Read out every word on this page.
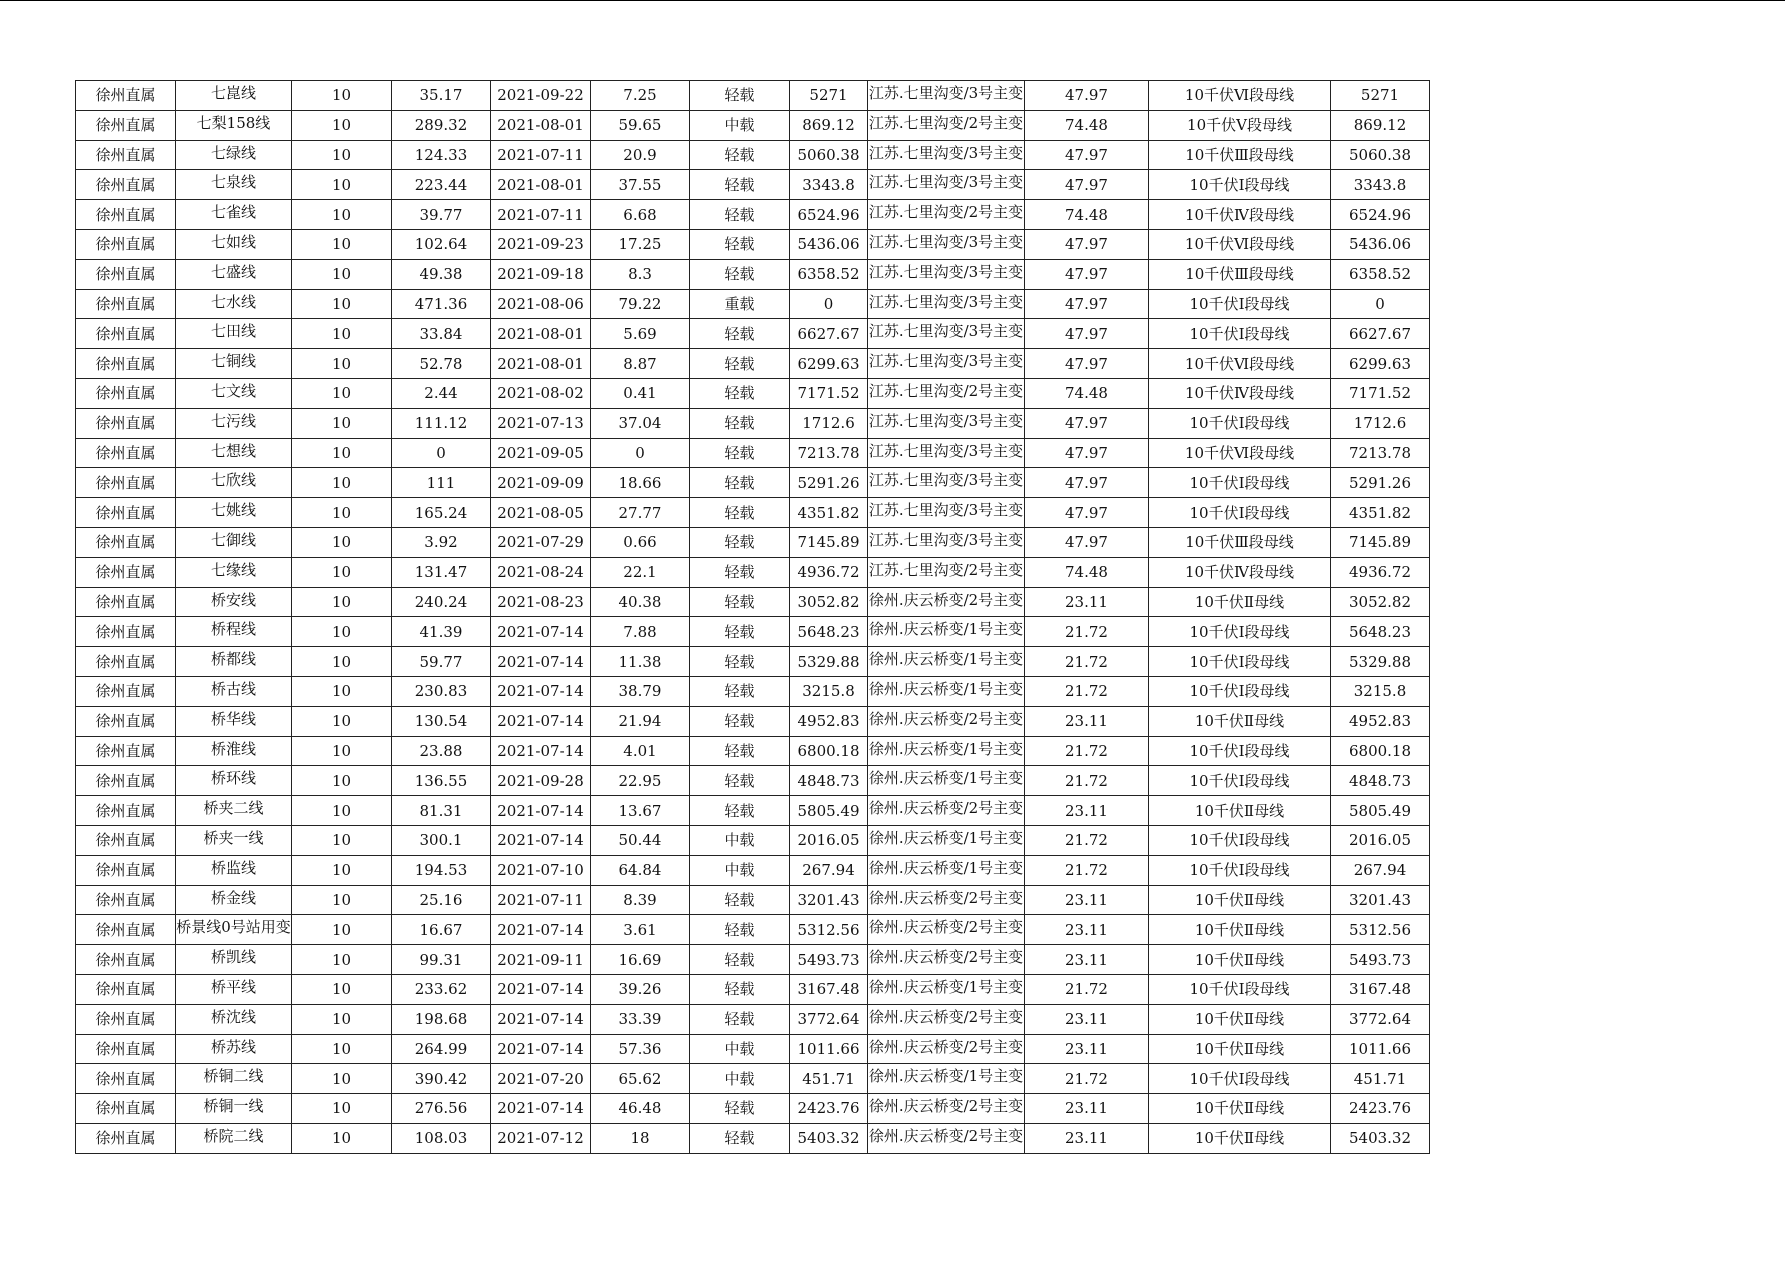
徐州直属	七崑线	10	35.17	2021-09-22	7.25	轻载	5271	江苏.七里沟变/3号主变	47.97	10千伏Ⅵ段母线	5271
徐州直属	七梨158线	10	289.32	2021-08-01	59.65	中载	869.12	江苏.七里沟变/2号主变	74.48	10千伏Ⅴ段母线	869.12
徐州直属	七绿线	10	124.33	2021-07-11	20.9	轻载	5060.38	江苏.七里沟变/3号主变	47.97	10千伏Ⅲ段母线	5060.38
徐州直属	七泉线	10	223.44	2021-08-01	37.55	轻载	3343.8	江苏.七里沟变/3号主变	47.97	10千伏Ⅰ段母线	3343.8
徐州直属	七雀线	10	39.77	2021-07-11	6.68	轻载	6524.96	江苏.七里沟变/2号主变	74.48	10千伏Ⅳ段母线	6524.96
徐州直属	七如线	10	102.64	2021-09-23	17.25	轻载	5436.06	江苏.七里沟变/3号主变	47.97	10千伏Ⅵ段母线	5436.06
徐州直属	七盛线	10	49.38	2021-09-18	8.3	轻载	6358.52	江苏.七里沟变/3号主变	47.97	10千伏Ⅲ段母线	6358.52
徐州直属	七水线	10	471.36	2021-08-06	79.22	重载	0	江苏.七里沟变/3号主变	47.97	10千伏Ⅰ段母线	0
徐州直属	七田线	10	33.84	2021-08-01	5.69	轻载	6627.67	江苏.七里沟变/3号主变	47.97	10千伏Ⅰ段母线	6627.67
徐州直属	七铜线	10	52.78	2021-08-01	8.87	轻载	6299.63	江苏.七里沟变/3号主变	47.97	10千伏Ⅵ段母线	6299.63
徐州直属	七文线	10	2.44	2021-08-02	0.41	轻载	7171.52	江苏.七里沟变/2号主变	74.48	10千伏Ⅳ段母线	7171.52
徐州直属	七污线	10	111.12	2021-07-13	37.04	轻载	1712.6	江苏.七里沟变/3号主变	47.97	10千伏Ⅰ段母线	1712.6
徐州直属	七想线	10	0	2021-09-05	0	轻载	7213.78	江苏.七里沟变/3号主变	47.97	10千伏Ⅵ段母线	7213.78
徐州直属	七欣线	10	111	2021-09-09	18.66	轻载	5291.26	江苏.七里沟变/3号主变	47.97	10千伏Ⅰ段母线	5291.26
徐州直属	七姚线	10	165.24	2021-08-05	27.77	轻载	4351.82	江苏.七里沟变/3号主变	47.97	10千伏Ⅰ段母线	4351.82
徐州直属	七御线	10	3.92	2021-07-29	0.66	轻载	7145.89	江苏.七里沟变/3号主变	47.97	10千伏Ⅲ段母线	7145.89
徐州直属	七缘线	10	131.47	2021-08-24	22.1	轻载	4936.72	江苏.七里沟变/2号主变	74.48	10千伏Ⅳ段母线	4936.72
徐州直属	桥安线	10	240.24	2021-08-23	40.38	轻载	3052.82	徐州.庆云桥变/2号主变	23.11	10千伏Ⅱ母线	3052.82
徐州直属	桥程线	10	41.39	2021-07-14	7.88	轻载	5648.23	徐州.庆云桥变/1号主变	21.72	10千伏Ⅰ段母线	5648.23
徐州直属	桥都线	10	59.77	2021-07-14	11.38	轻载	5329.88	徐州.庆云桥变/1号主变	21.72	10千伏Ⅰ段母线	5329.88
徐州直属	桥古线	10	230.83	2021-07-14	38.79	轻载	3215.8	徐州.庆云桥变/1号主变	21.72	10千伏Ⅰ段母线	3215.8
徐州直属	桥华线	10	130.54	2021-07-14	21.94	轻载	4952.83	徐州.庆云桥变/2号主变	23.11	10千伏Ⅱ母线	4952.83
徐州直属	桥淮线	10	23.88	2021-07-14	4.01	轻载	6800.18	徐州.庆云桥变/1号主变	21.72	10千伏Ⅰ段母线	6800.18
徐州直属	桥环线	10	136.55	2021-09-28	22.95	轻载	4848.73	徐州.庆云桥变/1号主变	21.72	10千伏Ⅰ段母线	4848.73
徐州直属	桥夹二线	10	81.31	2021-07-14	13.67	轻载	5805.49	徐州.庆云桥变/2号主变	23.11	10千伏Ⅱ母线	5805.49
徐州直属	桥夹一线	10	300.1	2021-07-14	50.44	中载	2016.05	徐州.庆云桥变/1号主变	21.72	10千伏Ⅰ段母线	2016.05
徐州直属	桥监线	10	194.53	2021-07-10	64.84	中载	267.94	徐州.庆云桥变/1号主变	21.72	10千伏Ⅰ段母线	267.94
徐州直属	桥金线	10	25.16	2021-07-11	8.39	轻载	3201.43	徐州.庆云桥变/2号主变	23.11	10千伏Ⅱ母线	3201.43
徐州直属	桥景线0号站用变	10	16.67	2021-07-14	3.61	轻载	5312.56	徐州.庆云桥变/2号主变	23.11	10千伏Ⅱ母线	5312.56
徐州直属	桥凯线	10	99.31	2021-09-11	16.69	轻载	5493.73	徐州.庆云桥变/2号主变	23.11	10千伏Ⅱ母线	5493.73
徐州直属	桥平线	10	233.62	2021-07-14	39.26	轻载	3167.48	徐州.庆云桥变/1号主变	21.72	10千伏Ⅰ段母线	3167.48
徐州直属	桥沈线	10	198.68	2021-07-14	33.39	轻载	3772.64	徐州.庆云桥变/2号主变	23.11	10千伏Ⅱ母线	3772.64
徐州直属	桥苏线	10	264.99	2021-07-14	57.36	中载	1011.66	徐州.庆云桥变/2号主变	23.11	10千伏Ⅱ母线	1011.66
徐州直属	桥铜二线	10	390.42	2021-07-20	65.62	中载	451.71	徐州.庆云桥变/1号主变	21.72	10千伏Ⅰ段母线	451.71
徐州直属	桥铜一线	10	276.56	2021-07-14	46.48	轻载	2423.76	徐州.庆云桥变/2号主变	23.11	10千伏Ⅱ母线	2423.76
徐州直属	桥院二线	10	108.03	2021-07-12	18	轻载	5403.32	徐州.庆云桥变/2号主变	23.11	10千伏Ⅱ母线	5403.32
